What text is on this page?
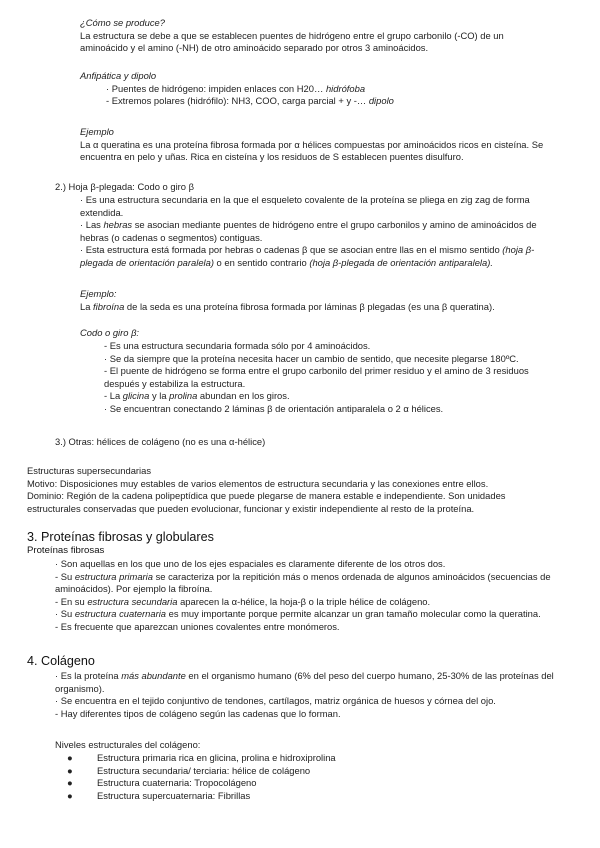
¿Cómo se produce?

La estructura se debe a que se establecen puentes de hidrógeno entre el grupo carbonilo (-CO) de un aminoácido y el amino (-NH) de otro aminoácido separado por otros 3 aminoácidos.

Anfipática y dipolo

· Puentes de hidrógeno: impiden enlaces con H20… hidrófoba

- Extremos polares (hidrófilo): NH3, COO, carga parcial + y -… dipolo

Ejemplo

La α queratina es una proteína fibrosa formada por α hélices compuestas por aminoácidos ricos en cisteína. Se encuentra en pelo y uñas. Rica en cisteína y los residuos de S establecen puentes disulfuro.

2.) Hoja β-plegada: Codo o giro β

· Es una estructura secundaria en la que el esqueleto covalente de la proteína se pliega en zig zag de forma extendida.

· Las hebras se asocian mediante puentes de hidrógeno entre el grupo carbonilos y amino de aminoácidos de hebras (o cadenas o segmentos) contiguas.

· Esta estructura está formada por hebras o cadenas β que se asocian entre llas en el mismo sentido (hoja β-plegada de orientación paralela) o en sentido contrario (hoja β-plegada de orientación antiparalela).

Ejemplo:

La fibroína de la seda es una proteína fibrosa formada por láminas β plegadas (es una β queratina).

Codo o giro β:

- Es una estructura secundaria formada sólo por 4 aminoácidos.

· Se da siempre que la proteína necesita hacer un cambio de sentido, que necesite plegarse 180ºC.

- El puente de hidrógeno se forma entre el grupo carbonilo del primer residuo y el amino de 3 residuos después y estabiliza la estructura.

- La glicina y la prolina abundan en los giros.

· Se encuentran conectando 2 láminas β de orientación antiparalela o 2 α hélices.

3.) Otras: hélices de colágeno (no es una α-hélice)

Estructuras supersecundarias

Motivo: Disposiciones muy estables de varios elementos de estructura secundaria y las conexiones entre ellos.

Dominio: Región de la cadena polipeptídica que puede plegarse de manera estable e independiente. Son unidades estructurales conservadas que pueden evolucionar, funcionar y existir independiente al resto de la proteína.

3. Proteínas fibrosas y globulares

Proteínas fibrosas

· Son aquellas en los que uno de los ejes espaciales es claramente diferente de los otros dos.

- Su estructura primaria se caracteriza por la repitición más o menos ordenada de algunos aminoácidos (secuencias de aminoácidos). Por ejemplo la fibroína.

- En su estructura secundaria aparecen la α-hélice, la hoja-β o la triple hélice de colágeno.

· Su estructura cuaternaria es muy importante porque permite alcanzar un gran tamaño molecular como la queratina.

- Es frecuente que aparezcan uniones covalentes entre monómeros.

4. Colágeno

· Es la proteína más abundante en el organismo humano (6% del peso del cuerpo humano, 25-30% de las proteínas del organismo).

· Se encuentra en el tejido conjuntivo de tendones, cartílagos, matriz orgánica de huesos y córnea del ojo.

- Hay diferentes tipos de colágeno según las cadenas que lo forman.

Niveles estructurales del colágeno:

●	Estructura primaria rica en glicina, prolina e hidroxiprolina
●	Estructura secundaria/ terciaria: hélice de colágeno
●	Estructura cuaternaria: Tropocolágeno
●	Estructura supercuaternaria: Fibrillas
